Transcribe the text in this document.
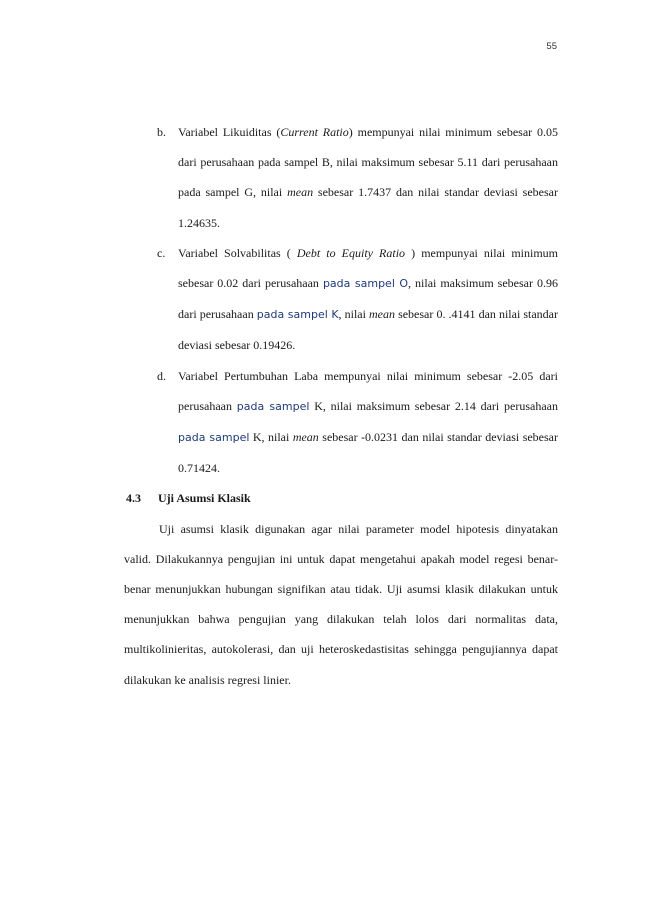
55
b. Variabel Likuiditas (Current Ratio) mempunyai nilai minimum sebesar 0.05 dari perusahaan pada sampel B, nilai maksimum sebesar 5.11 dari perusahaan pada sampel G, nilai mean sebesar 1.7437 dan nilai standar deviasi sebesar 1.24635.
c. Variabel Solvabilitas ( Debt to Equity Ratio ) mempunyai nilai minimum sebesar 0.02 dari perusahaan pada sampel O, nilai maksimum sebesar 0.96 dari perusahaan pada sampel K, nilai mean sebesar 0. .4141 dan nilai standar deviasi sebesar 0.19426.
d. Variabel Pertumbuhan Laba mempunyai nilai minimum sebesar -2.05 dari perusahaan pada sampel K, nilai maksimum sebesar 2.14 dari perusahaan pada sampel K, nilai mean sebesar -0.0231 dan nilai standar deviasi sebesar 0.71424.
4.3 Uji Asumsi Klasik
Uji asumsi klasik digunakan agar nilai parameter model hipotesis dinyatakan valid. Dilakukannya pengujian ini untuk dapat mengetahui apakah model regesi benar-benar menunjukkan hubungan signifikan atau tidak. Uji asumsi klasik dilakukan untuk menunjukkan bahwa pengujian yang dilakukan telah lolos dari normalitas data, multikolinieritas, autokolerasi, dan uji heteroskedastisitas sehingga pengujiannya dapat dilakukan ke analisis regresi linier.
